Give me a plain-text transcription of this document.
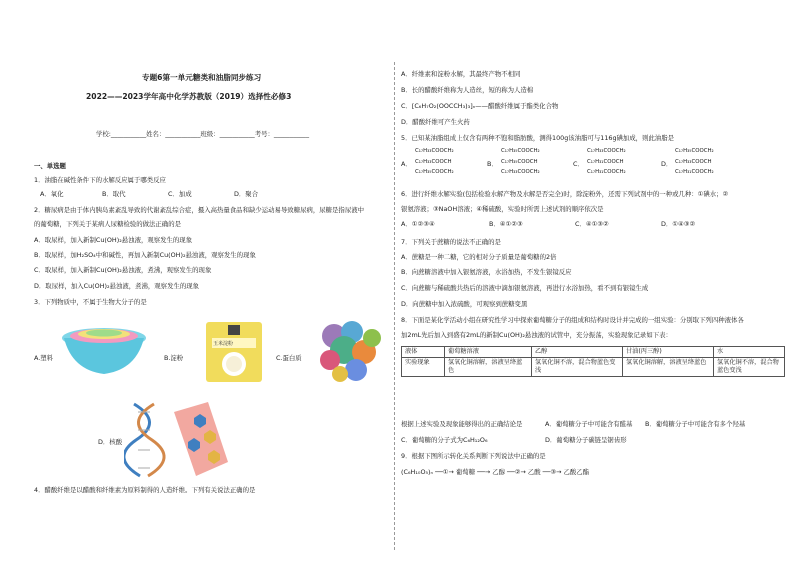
专题6第一单元糖类和油脂同步练习
2022——2023学年高中化学苏教版（2019）选择性必修3
学校:___________姓名：___________班级：___________考号：___________
一、单选题
1．油脂在碱性条件下的水解反应属于哪类反应
A．氧化	B．取代	C．加成	D．聚合
2．糖尿病是由于体内胰岛素紊乱导致的代谢紊乱综合症，摄入高热量食品和缺少运动易导致糖尿病，尿糖是指尿液中
的葡萄糖，下列关于某病人尿糖检验的做法正确的是
A．取尿样，加入新制Cu(OH)₂悬浊液，观察发生的现象
B．取尿样，加H₂SO₄中和碱性，再加入新制Cu(OH)₂悬浊液，观察发生的现象
C．取尿样，加入新制Cu(OH)₂悬浊液，煮沸，观察发生的现象
D．取尿样，加入Cu(OH)₂悬浊液，煮沸，观察发生的现象
3．下列物质中，不属于生物大分子的是
A.塑料	B.淀粉
玉米淀粉
C.蛋白质
D．核酸
4．醋酸纤维是以醋酸和纤维素为原料制得的人造纤维。下列有关说法正确的是
A．纤维素和淀粉水解，其最终产物不相同
B．长的醋酸纤维称为人造丝，短的称为人造棉
C．[C₆H₇O₂(OOCCH₃)₃]ₙ——醋酸纤维属于酯类化合物
D．醋酸纤维可产生火药
5．已知某油脂组成上仅含有两种不饱和脂肪酸，测得100g该油脂可与116g碘加成，则此油脂是
A．
C₁₇H₃₃COOCH₂
C₁₇H₃₃COOCH
C₁₇H₃₅COOCH₂
B．
C₁₇H₃₅COOCH₂
C₁₇H₃₅COOCH
C₁₇H₃₃COOCH₂
C．
C₁₇H₃₃COOCH₂
C₁₇H₃₁COOCH
C₁₇H₃₁COOCH₂
D．
C₁₇H₃₅COOCH₂
C₁₇H₃₃COOCH
C₁₇H₃₁COOCH₂
6．进行纤维水解实验(包括检验水解产物及水解是否完全)时，除淀粉外，还需下列试剂中的一种或几种：①碘水；②
银氨溶液；③NaOH溶液；④稀硫酸，实验时所需上述试剂的顺序依次是
A．①②③④	B．④①②③	C．④①③②	D．①④③②
7．下列关于蔗糖的说法不正确的是
A．蔗糖是一种二糖，它的相对分子质量是葡萄糖的2倍
B．向蔗糖溶液中加入银氨溶液，水浴加热，不发生银镜反应
C．向蔗糖与稀硫酸共热后的溶液中滴加银氨溶液，再进行水浴加热，看不到有银镜生成
D．向蔗糖中加入浓硫酸，可观察到蔗糖变黑
8．下面是某化学活动小组在研究性学习中探索葡萄糖分子的组成和结构时设计并完成的一组实验：分别取下列四种液体各
加2mL先后加入到盛有2mL的新制Cu(OH)₂悬浊液的试管中，充分振荡，实验现象记录如下表：
液体	葡萄糖溶液	乙醇	甘油(丙三醇)	水
实验现象	氢氧化铜溶解，溶液呈绛蓝色	氢氧化铜不溶，混合物蓝色变浅	氢氧化铜溶解，溶液呈绛蓝色	氢氧化铜不溶，混合物蓝色变浅
根据上述实验及现象能够得出的正确结论是	A．葡萄糖分子中可能含有醛基 B．葡萄糖分子中可能含有多个羟基
C．葡萄糖的分子式为C₆H₁₂O₆	D．葡萄糖分子碳链呈锯齿形
9．根据下图所示转化关系判断下列说法中正确的是
(C₆H₁₀O₅)ₙ ──①→ 葡萄糖 ──→ 乙醇 ──②→ 乙酸 ──③→ 乙酸乙酯
